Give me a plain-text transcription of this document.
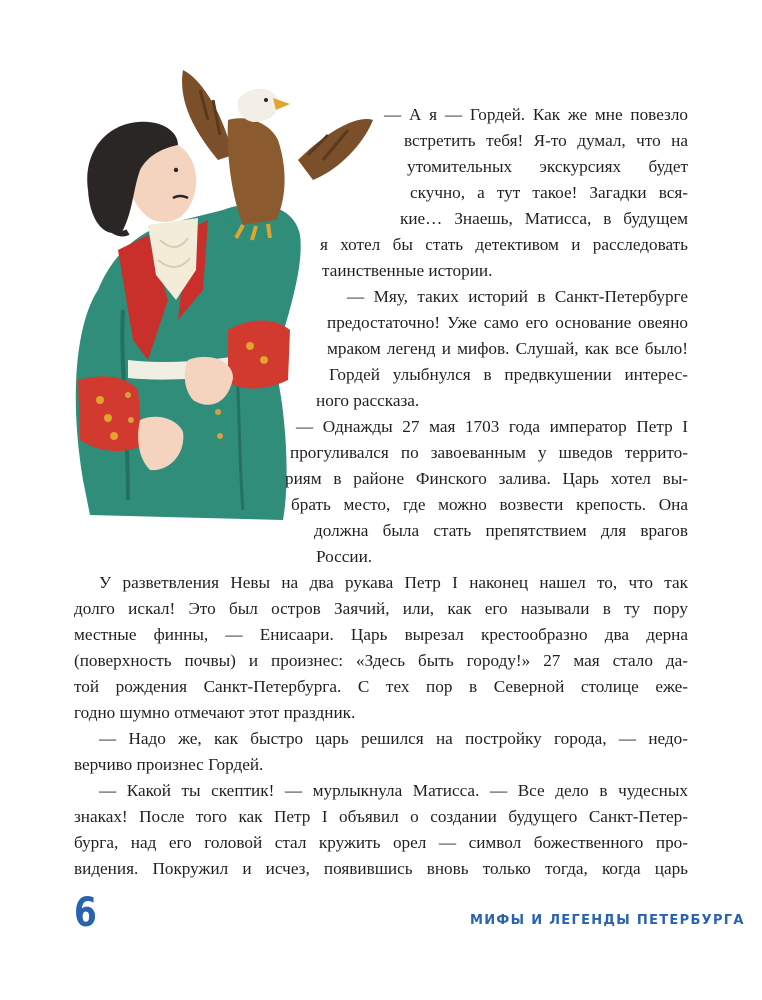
— А я — Гордей. Как же мне повезло
встретить тебя! Я-то думал, что на
утомительных экскурсиях будет
скучно, а тут такое! Загадки вся-
кие… Знаешь, Матисса, в будущем
я хотел бы стать детективом и расследовать
таинственные истории.
— Мяу, таких историй в Санкт-Петербурге
предостаточно! Уже само его основание овеяно
мраком легенд и мифов. Слушай, как все было!
Гордей улыбнулся в предвкушении интерес-
ного рассказа.
— Однажды 27 мая 1703 года император Петр I
прогуливался по завоеванным у шведов террито-
риям в районе Финского залива. Царь хотел вы-
брать место, где можно возвести крепость. Она
должна была стать препятствием для врагов
России.
У разветвления Невы на два рукава Петр I наконец нашел то, что так
долго искал! Это был остров Заячий, или, как его называли в ту пору
местные финны, — Енисаари. Царь вырезал крестообразно два дерна
(поверхность почвы) и произнес: «Здесь быть городу!» 27 мая стало да-
той рождения Санкт-Петербурга. С тех пор в Северной столице еже-
годно шумно отмечают этот праздник.
— Надо же, как быстро царь решился на постройку города, — недо-
верчиво произнес Гордей.
— Какой ты скептик! — мурлыкнула Матисса. — Все дело в чудесных
знаках! После того как Петр I объявил о создании будущего Санкт-Петер-
бурга, над его головой стал кружить орел — символ божественного про-
видения. Покружил и исчез, появившись вновь только тогда, когда царь
6	МИФЫ И ЛЕГЕНДЫ ПЕТЕРБУРГА
